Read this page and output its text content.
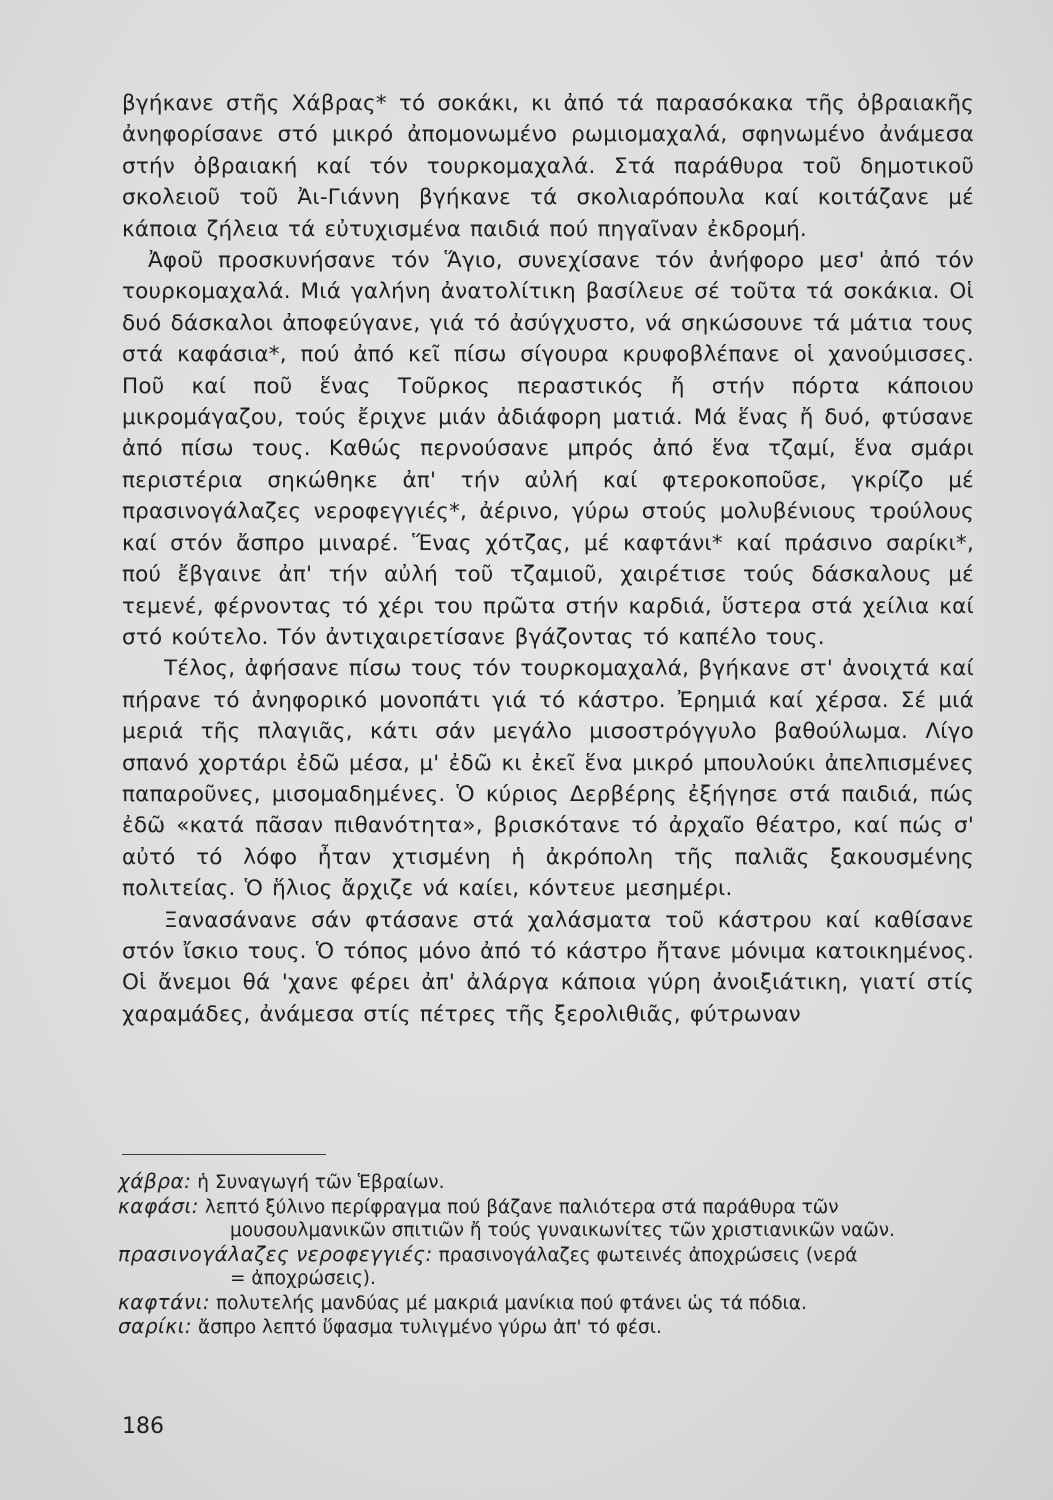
βγήκανε στῆς Χάβρας* τό σοκάκι, κι ἀπό τά παρασόκακα τῆς ὀβραιακῆς ἀνηφορίσανε στό μικρό ἀπομονωμένο ρωμιομαχαλά, σφηνωμένο ἀνάμεσα στήν ὀβραιακή καί τόν τουρκομαχαλά. Στά παράθυρα τοῦ δημοτικοῦ σκολειοῦ τοῦ Ἀι-Γιάννη βγήκανε τά σκολιαρόπουλα καί κοιτάζανε μέ κάποια ζήλεια τά εὐτυχισμένα παιδιά πού πηγαῖναν ἐκδρομή.

Ἀφοῦ προσκυνήσανε τόν Ἅγιο, συνεχίσανε τόν ἀνήφορο μεσ' ἀπό τόν τουρκομαχαλά. Μιά γαλήνη ἀνατολίτικη βασίλευε σέ τοῦτα τά σοκάκια. Οἱ δυό δάσκαλοι ἀποφεύγανε, γιά τό ἀσύγχυστο, νά σηκώσουνε τά μάτια τους στά καφάσια*, πού ἀπό κεῖ πίσω σίγουρα κρυφοβλέπανε οἱ χανούμισσες. Ποῦ καί ποῦ ἕνας Τοῦρκος περαστικός ἤ στήν πόρτα κάποιου μικρομάγαζου, τούς ἔριχνε μιάν ἀδιάφορη ματιά. Μά ἕνας ἤ δυό, φτύσανε ἀπό πίσω τους. Καθώς περνούσανε μπρός ἀπό ἕνα τζαμί, ἕνα σμάρι περιστέρια σηκώθηκε ἀπ' τήν αὐλή καί φτεροκοποῦσε, γκρίζο μέ πρασινογάλαζες νεροφεγγιές*, ἀέρινο, γύρω στούς μολυβένιους τρούλους καί στόν ἄσπρο μιναρέ. Ἕνας χότζας, μέ καφτάνι* καί πράσινο σαρίκι*, πού ἔβγαινε ἀπ' τήν αὐλή τοῦ τζαμιοῦ, χαιρέτισε τούς δάσκαλους μέ τεμενέ, φέρνοντας τό χέρι του πρῶτα στήν καρδιά, ὕστερα στά χείλια καί στό κούτελο. Τόν ἀντιχαιρετίσανε βγάζοντας τό καπέλο τους.

Τέλος, ἀφήσανε πίσω τους τόν τουρκομαχαλά, βγήκανε στ' ἀνοιχτά καί πήρανε τό ἀνηφορικό μονοπάτι γιά τό κάστρο. Ἐρημιά καί χέρσα. Σέ μιά μεριά τῆς πλαγιᾶς, κάτι σάν μεγάλο μισοστρόγγυλο βαθούλωμα. Λίγο σπανό χορτάρι ἐδῶ μέσα, μ' ἐδῶ κι ἐκεῖ ἕνα μικρό μπουλούκι ἀπελπισμένες παπαροῦνες, μισομαδημένες. Ὁ κύριος Δερβέρης ἐξήγησε στά παιδιά, πώς ἐδῶ «κατά πᾶσαν πιθανότητα», βρισκότανε τό ἀρχαῖο θέατρο, καί πώς σ' αὐτό τό λόφο ἦταν χτισμένη ἡ ἀκρόπολη τῆς παλιᾶς ξακουσμένης πολιτείας. Ὁ ἥλιος ἄρχιζε νά καίει, κόντευε μεσημέρι.

Ξανασάνανε σάν φτάσανε στά χαλάσματα τοῦ κάστρου καί καθίσανε στόν ἴσκιο τους. Ὁ τόπος μόνο ἀπό τό κάστρο ἤτανε μόνιμα κατοικημένος. Οἱ ἄνεμοι θά 'χανε φέρει ἀπ' ἀλάργα κάποια γύρη ἀνοιξιάτικη, γιατί στίς χαραμάδες, ἀνάμεσα στίς πέτρες τῆς ξερολιθιᾶς, φύτρωναν

χάβρα: ἡ Συναγωγή τῶν Ἑβραίων.

καφάσι: λεπτό ξύλινο περίφραγμα πού βάζανε παλιότερα στά παράθυρα τῶν

μουσουλμανικῶν σπιτιῶν ἤ τούς γυναικωνίτες τῶν χριστιανικῶν ναῶν.

πρασινογάλαζες νεροφεγγιές: πρασινογάλαζες φωτεινές ἀποχρώσεις (νερά

= ἀποχρώσεις).

καφτάνι: πολυτελής μανδύας μέ μακριά μανίκια πού φτάνει ὡς τά πόδια.

σαρίκι: ἄσπρο λεπτό ὕφασμα τυλιγμένο γύρω ἀπ' τό φέσι.

186
